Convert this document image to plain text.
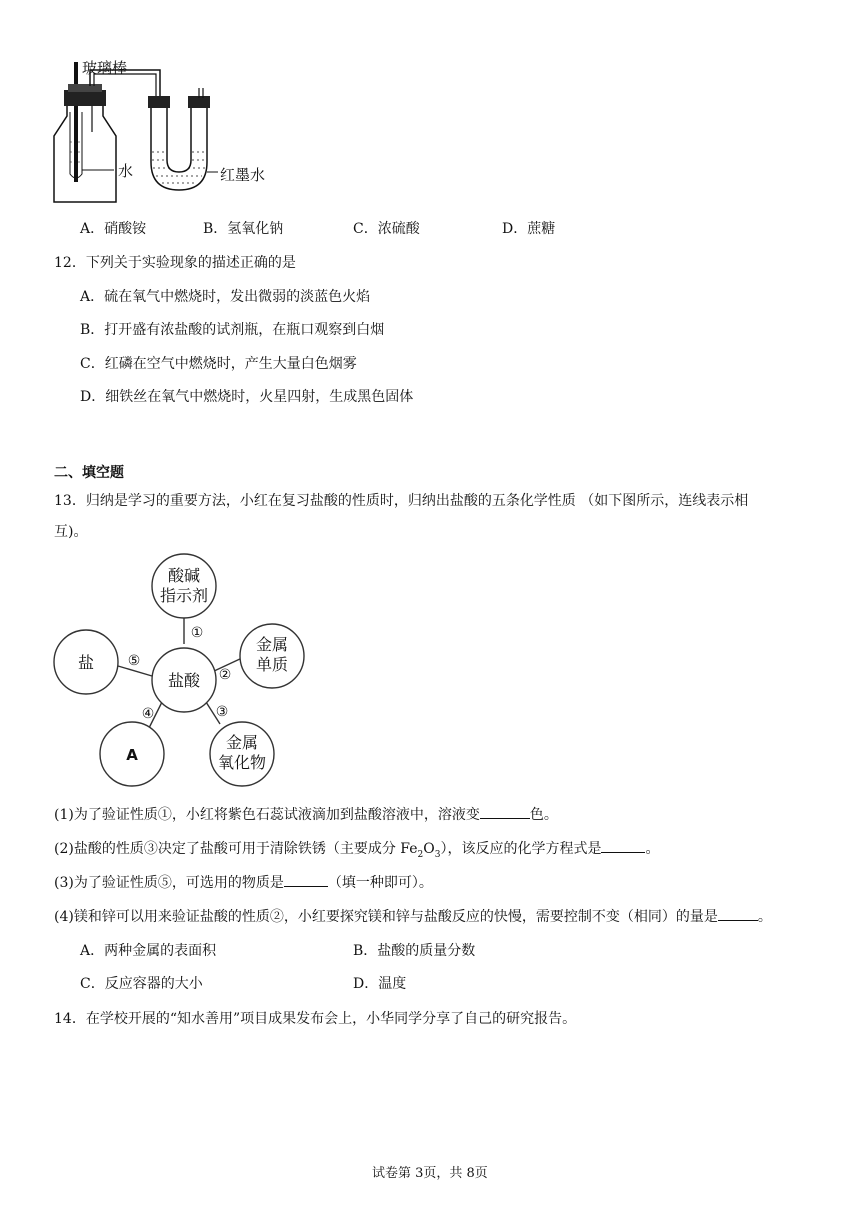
玻璃棒
水	红墨水
A．硝酸铵	B．氢氧化钠	C．浓硫酸	D．蔗糖
12．下列关于实验现象的描述正确的是
A．硫在氧气中燃烧时，发出微弱的淡蓝色火焰
B．打开盛有浓盐酸的试剂瓶，在瓶口观察到白烟
C．红磷在空气中燃烧时，产生大量白色烟雾
D．细铁丝在氧气中燃烧时，火星四射，生成黑色固体
二、填空题
13．归纳是学习的重要方法，小红在复习盐酸的性质时，归纳出盐酸的五条化学性质 （如下图所示，连线表示相
互)。
酸碱
指示剂
盐酸
金属
单质
金属
氧化物
A
盐
①
②
③
④
⑤
(1)为了验证性质①，小红将紫色石蕊试液滴加到盐酸溶液中，溶液变	色。
(2)盐酸的性质③决定了盐酸可用于清除铁锈（主要成分 $Fe_2O_3$），该反应的化学方程式是	。
(3)为了验证性质⑤，可选用的物质是	（填一种即可）。
(4)镁和锌可以用来验证盐酸的性质②，小红要探究镁和锌与盐酸反应的快慢，需要控制不变（相同）的量是	。
A．两种金属的表面积	B．盐酸的质量分数
C．反应容器的大小	D．温度
14．在学校开展的“知水善用”项目成果发布会上，小华同学分享了自己的研究报告。
试卷第 3页，共 8页
